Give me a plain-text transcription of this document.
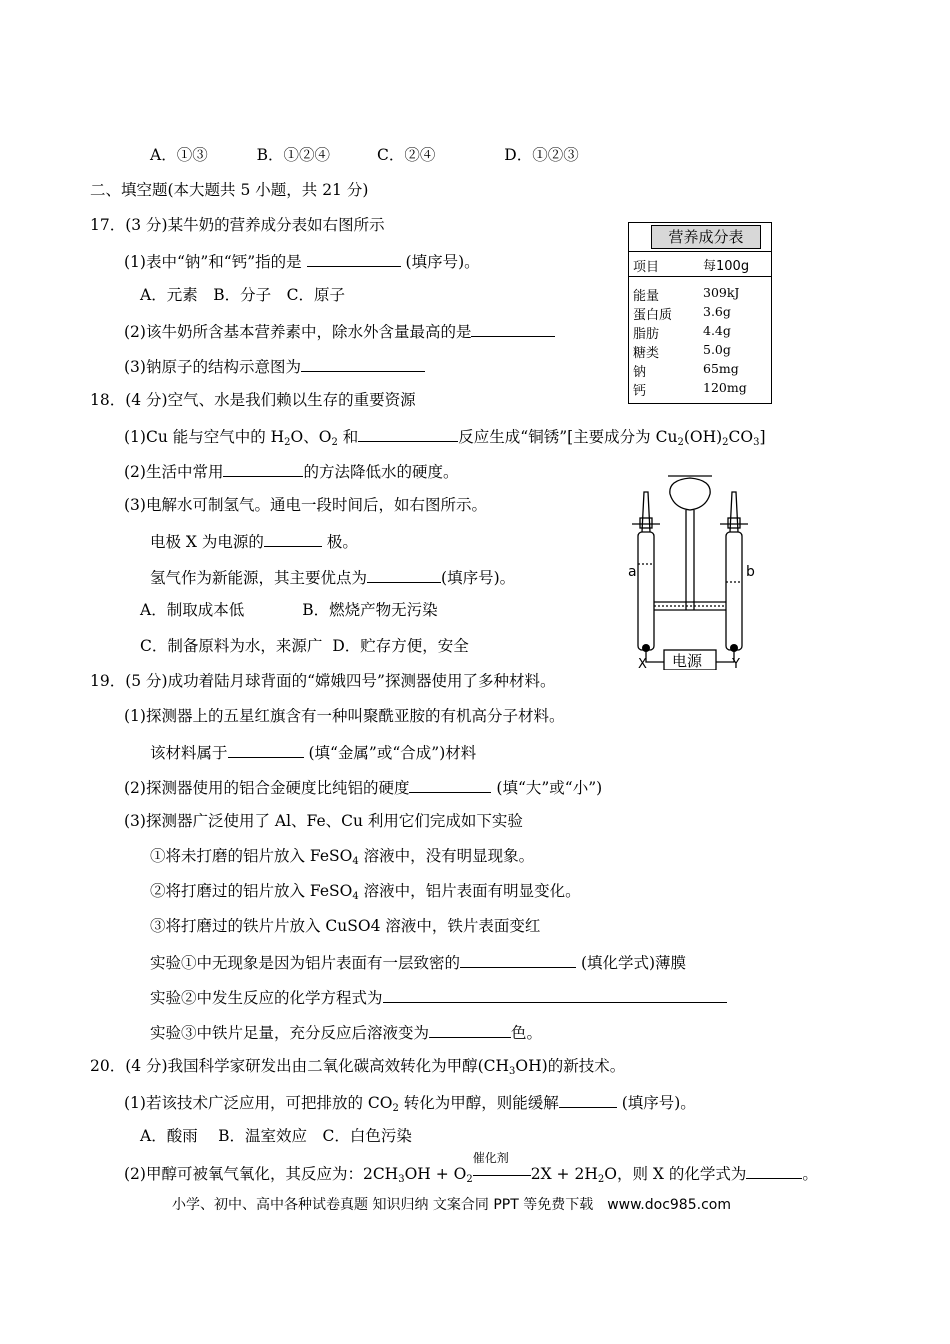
A．①③	B．①②④	C．②④	D．①②③
二、填空题(本大题共 5 小题，共 21 分)
17．(3 分)某牛奶的营养成分表如右图所示
(1)表中“钠”和“钙”指的是	(填序号)。
A．元素　B．分子　C．原子
(2)该牛奶所含基本营养素中，除水外含量最高的是
(3)钠原子的结构示意图为
营养成分表
项目	每100g
能量	309kJ
蛋白质 3.6g
脂肪	4.4g
糖类	5.0g
钠	65mg
钙	120mg
18．(4 分)空气、水是我们赖以生存的重要资源
(1)Cu 能与空气中的 $H_2O$、$O_2$ 和	反应生成“铜锈”[主要成分为 $Cu_2(OH)_2CO_3$]
(2)生活中常用	的方法降低水的硬度。
(3)电解水可制氢气。通电一段时间后，如右图所示。
电极 X 为电源的	极。
氢气作为新能源，其主要优点为	(填序号)。
A．制取成本低	B．燃烧产物无污染
C．制备原料为水，来源广 D．贮存方便，安全
a	b
电源
X	Y
19．(5 分)成功着陆月球背面的“嫦娥四号”探测器使用了多种材料。
(1)探测器上的五星红旗含有一种叫聚酰亚胺的有机高分子材料。
该材料属于	(填“金属”或“合成”)材料
(2)探测器使用的铝合金硬度比纯铝的硬度	(填“大”或“小”)
(3)探测器广泛使用了 Al、Fe、Cu 利用它们完成如下实验
①将未打磨的铝片放入 FeSO$_4$ 溶液中，没有明显现象。
②将打磨过的铝片放入 FeSO$_4$ 溶液中，铝片表面有明显变化。
③将打磨过的铁片片放入 CuSO4 溶液中，铁片表面变红
实验①中无现象是因为铝片表面有一层致密的	(填化学式)薄膜
实验②中发生反应的化学方程式为
实验③中铁片足量，充分反应后溶液变为	色。
20．(4 分)我国科学家研发出由二氧化碳高效转化为甲醇$(CH_3OH)$的新技术。
(1)若该技术广泛应用，可把排放的 $CO_2$ 转化为甲醇，则能缓解	(填序号)。
A．酸雨　 B．温室效应　C．白色污染
(2)甲醇可被氧气氧化，其反应为：$2CH_3OH + O_2$
催化剂
$2X + 2H_2O$，则 X 的化学式为	。
小学、初中、高中各种试卷真题 知识归纳 文案合同 PPT 等免费下载　www.doc985.com
